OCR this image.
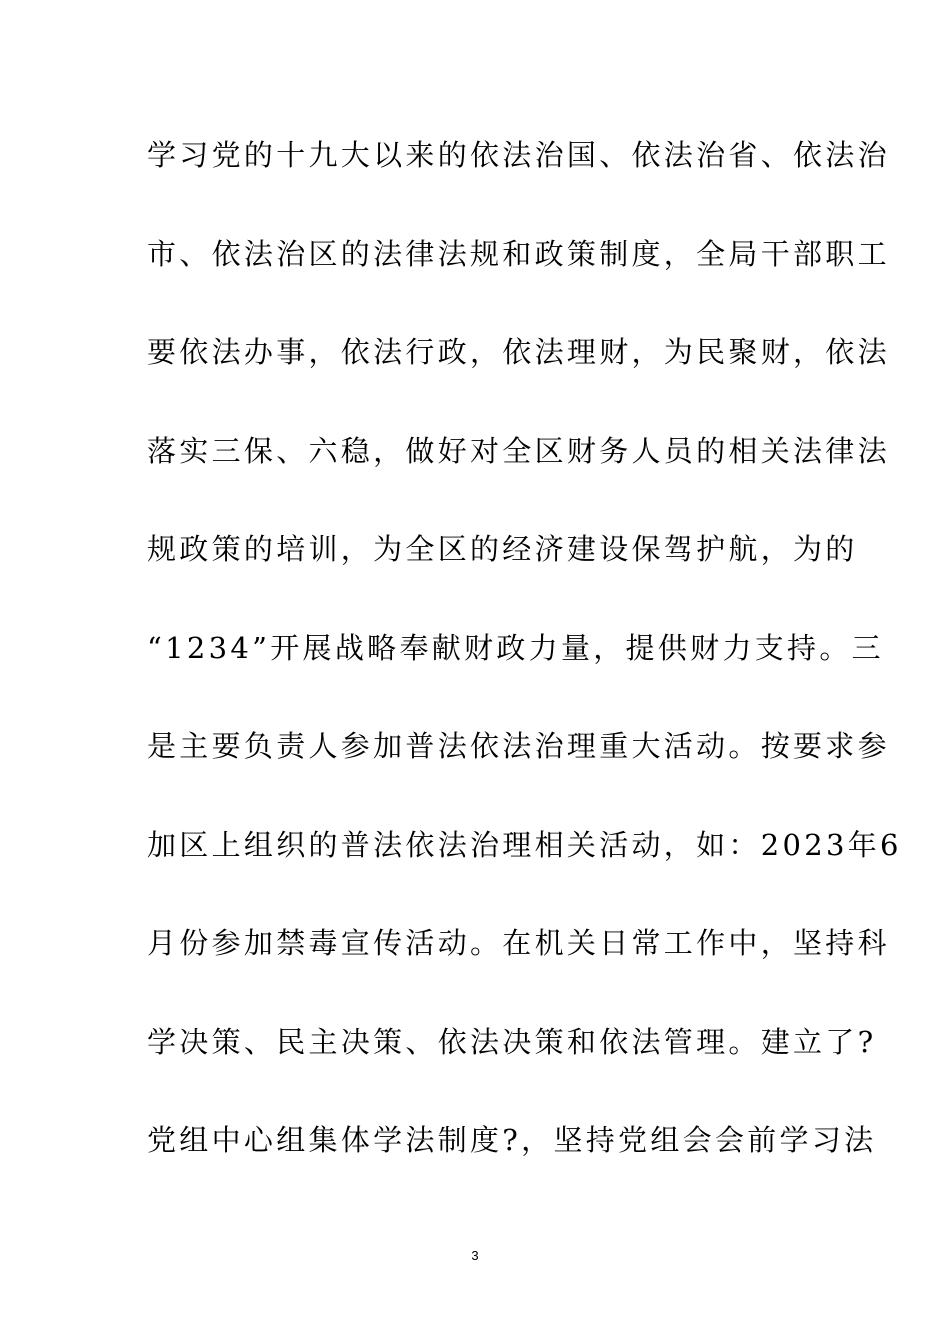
学习党的十九大以来的依法治国、依法治省、依法治
市、依法治区的法律法规和政策制度，全局干部职工
要依法办事，依法行政，依法理财，为民聚财，依法
落实三保、六稳，做好对全区财务人员的相关法律法
规政策的培训，为全区的经济建设保驾护航，为的
“1234”开展战略奉献财政力量，提供财力支持。三
是主要负责人参加普法依法治理重大活动。按要求参
加区上组织的普法依法治理相关活动，如：2023年6
月份参加禁毒宣传活动。在机关日常工作中，坚持科
学决策、民主决策、依法决策和依法管理。建立了?
党组中心组集体学法制度?，坚持党组会会前学习法
3
